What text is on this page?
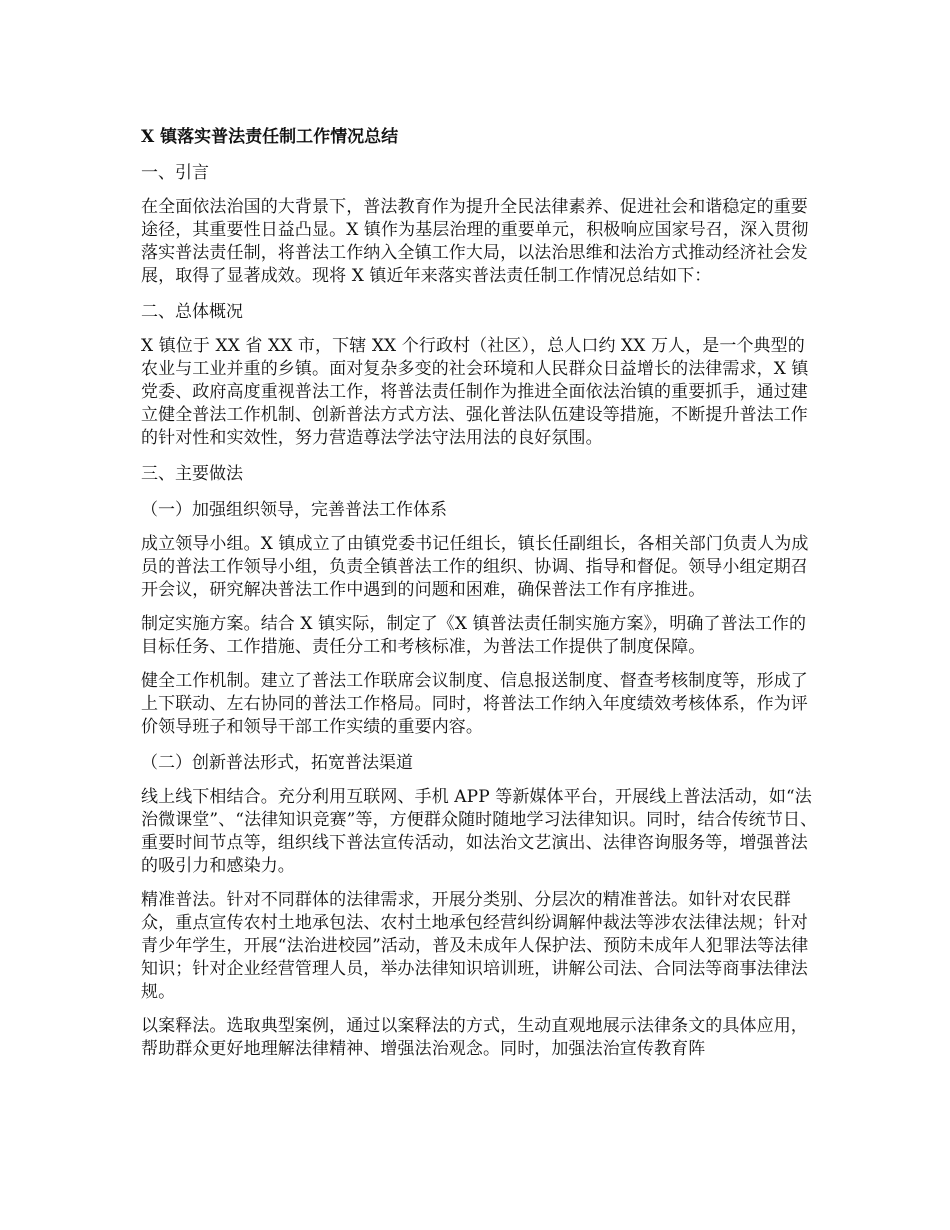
X 镇落实普法责任制工作情况总结
一、引言
在全面依法治国的大背景下，普法教育作为提升全民法律素养、促进社会和谐稳定的重要途径，其重要性日益凸显。X 镇作为基层治理的重要单元，积极响应国家号召，深入贯彻落实普法责任制，将普法工作纳入全镇工作大局，以法治思维和法治方式推动经济社会发展，取得了显著成效。现将 X 镇近年来落实普法责任制工作情况总结如下：
二、总体概况
X 镇位于 XX 省 XX 市，下辖 XX 个行政村（社区），总人口约 XX 万人，是一个典型的农业与工业并重的乡镇。面对复杂多变的社会环境和人民群众日益增长的法律需求，X 镇党委、政府高度重视普法工作，将普法责任制作为推进全面依法治镇的重要抓手，通过建立健全普法工作机制、创新普法方式方法、强化普法队伍建设等措施，不断提升普法工作的针对性和实效性，努力营造尊法学法守法用法的良好氛围。
三、主要做法
（一）加强组织领导，完善普法工作体系
成立领导小组。X 镇成立了由镇党委书记任组长，镇长任副组长，各相关部门负责人为成员的普法工作领导小组，负责全镇普法工作的组织、协调、指导和督促。领导小组定期召开会议，研究解决普法工作中遇到的问题和困难，确保普法工作有序推进。
制定实施方案。结合 X 镇实际，制定了《X 镇普法责任制实施方案》，明确了普法工作的目标任务、工作措施、责任分工和考核标准，为普法工作提供了制度保障。
健全工作机制。建立了普法工作联席会议制度、信息报送制度、督查考核制度等，形成了上下联动、左右协同的普法工作格局。同时，将普法工作纳入年度绩效考核体系，作为评价领导班子和领导干部工作实绩的重要内容。
（二）创新普法形式，拓宽普法渠道
线上线下相结合。充分利用互联网、手机 APP 等新媒体平台，开展线上普法活动，如“法治微课堂”、“法律知识竞赛”等，方便群众随时随地学习法律知识。同时，结合传统节日、重要时间节点等，组织线下普法宣传活动，如法治文艺演出、法律咨询服务等，增强普法的吸引力和感染力。
精准普法。针对不同群体的法律需求，开展分类别、分层次的精准普法。如针对农民群众，重点宣传农村土地承包法、农村土地承包经营纠纷调解仲裁法等涉农法律法规；针对青少年学生，开展“法治进校园”活动，普及未成年人保护法、预防未成年人犯罪法等法律知识；针对企业经营管理人员，举办法律知识培训班，讲解公司法、合同法等商事法律法规。
以案释法。选取典型案例，通过以案释法的方式，生动直观地展示法律条文的具体应用，帮助群众更好地理解法律精神、增强法治观念。同时，加强法治宣传教育阵
